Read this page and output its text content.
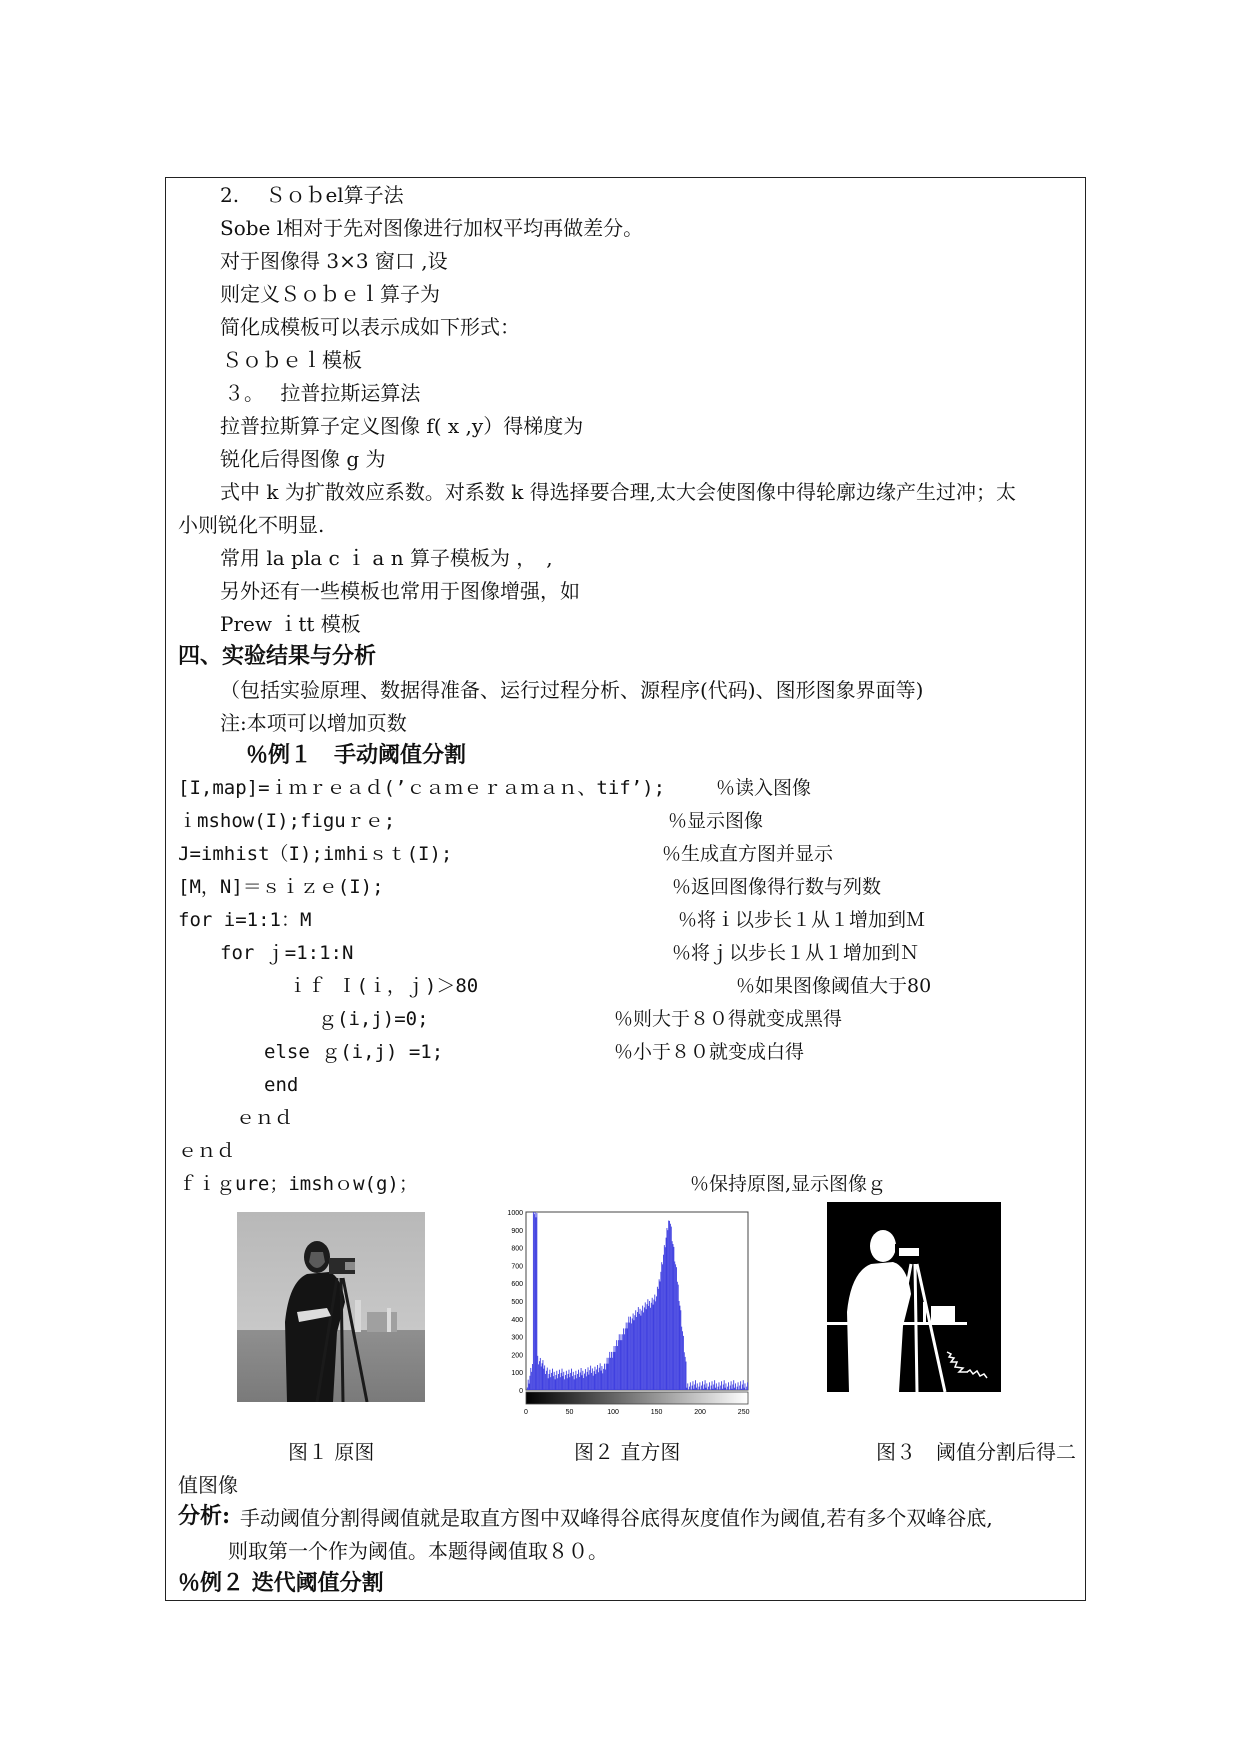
2.　 Ｓｏｂel算子法
Sobe l相对于先对图像进行加权平均再做差分。
对于图像得 3×3 窗口 ,设
则定义Ｓｏｂｅｌ算子为
简化成模板可以表示成如下形式：
Ｓｏｂｅｌ模板
３。　 拉普拉斯运算法
拉普拉斯算子定义图像 f( x ,y）得梯度为
锐化后得图像 g 为
式中 k 为扩散效应系数。对系数 k 得选择要合理,太大会使图像中得轮廓边缘产生过冲；太
小则锐化不明显.
常用 la pla c ｉ a n 算子模板为 ，　,
另外还有一些模板也常用于图像增强，如
Prew ｉtt 模板
四、实验结果与分析
（包括实验原理、数据得准备、运行过程分析、源程序(代码)、图形图象界面等)
注:本项可以增加页数
％例１　手动阈值分割
[I,map]=ｉｍｒｅａｄ(’ｃａｍｅｒａｍａｎ、tif’);	％读入图像
ｉmshow(I);figuｒｅ;	％显示图像
J=imhist（I);imhiｓｔ(I);	％生成直方图并显示
[M，N]＝ｓｉｚｅ(I);	％返回图像得行数与列数
for i=1:1：M	％将ｉ以步长１从１增加到Ｍ
for ｊ=1:1:N	％将ｊ以步长１从１增加到Ｎ
ｉｆ Ｉ(ｉ，ｊ)＞80	％如果图像阈值大于80
ｇ(i,j)=0;	％则大于８０得就变成黑得
else ｇ(i,j) =1;	％小于８０就变成白得
end
ｅｎｄ
ｅｎｄ
ｆｉｇure；imshｏw(g)；	％保持原图,显示图像ｇ
1000
900
800
700
600
500
400
300
200
100
0
0	50	100	150	200	250
图１ 原图	图２ 直方图	图３　阈值分割后得二
值图像
分析: 手动阈值分割得阈值就是取直方图中双峰得谷底得灰度值作为阈值,若有多个双峰谷底,
则取第一个作为阈值。本题得阈值取８０。
％例２ 迭代阈值分割
